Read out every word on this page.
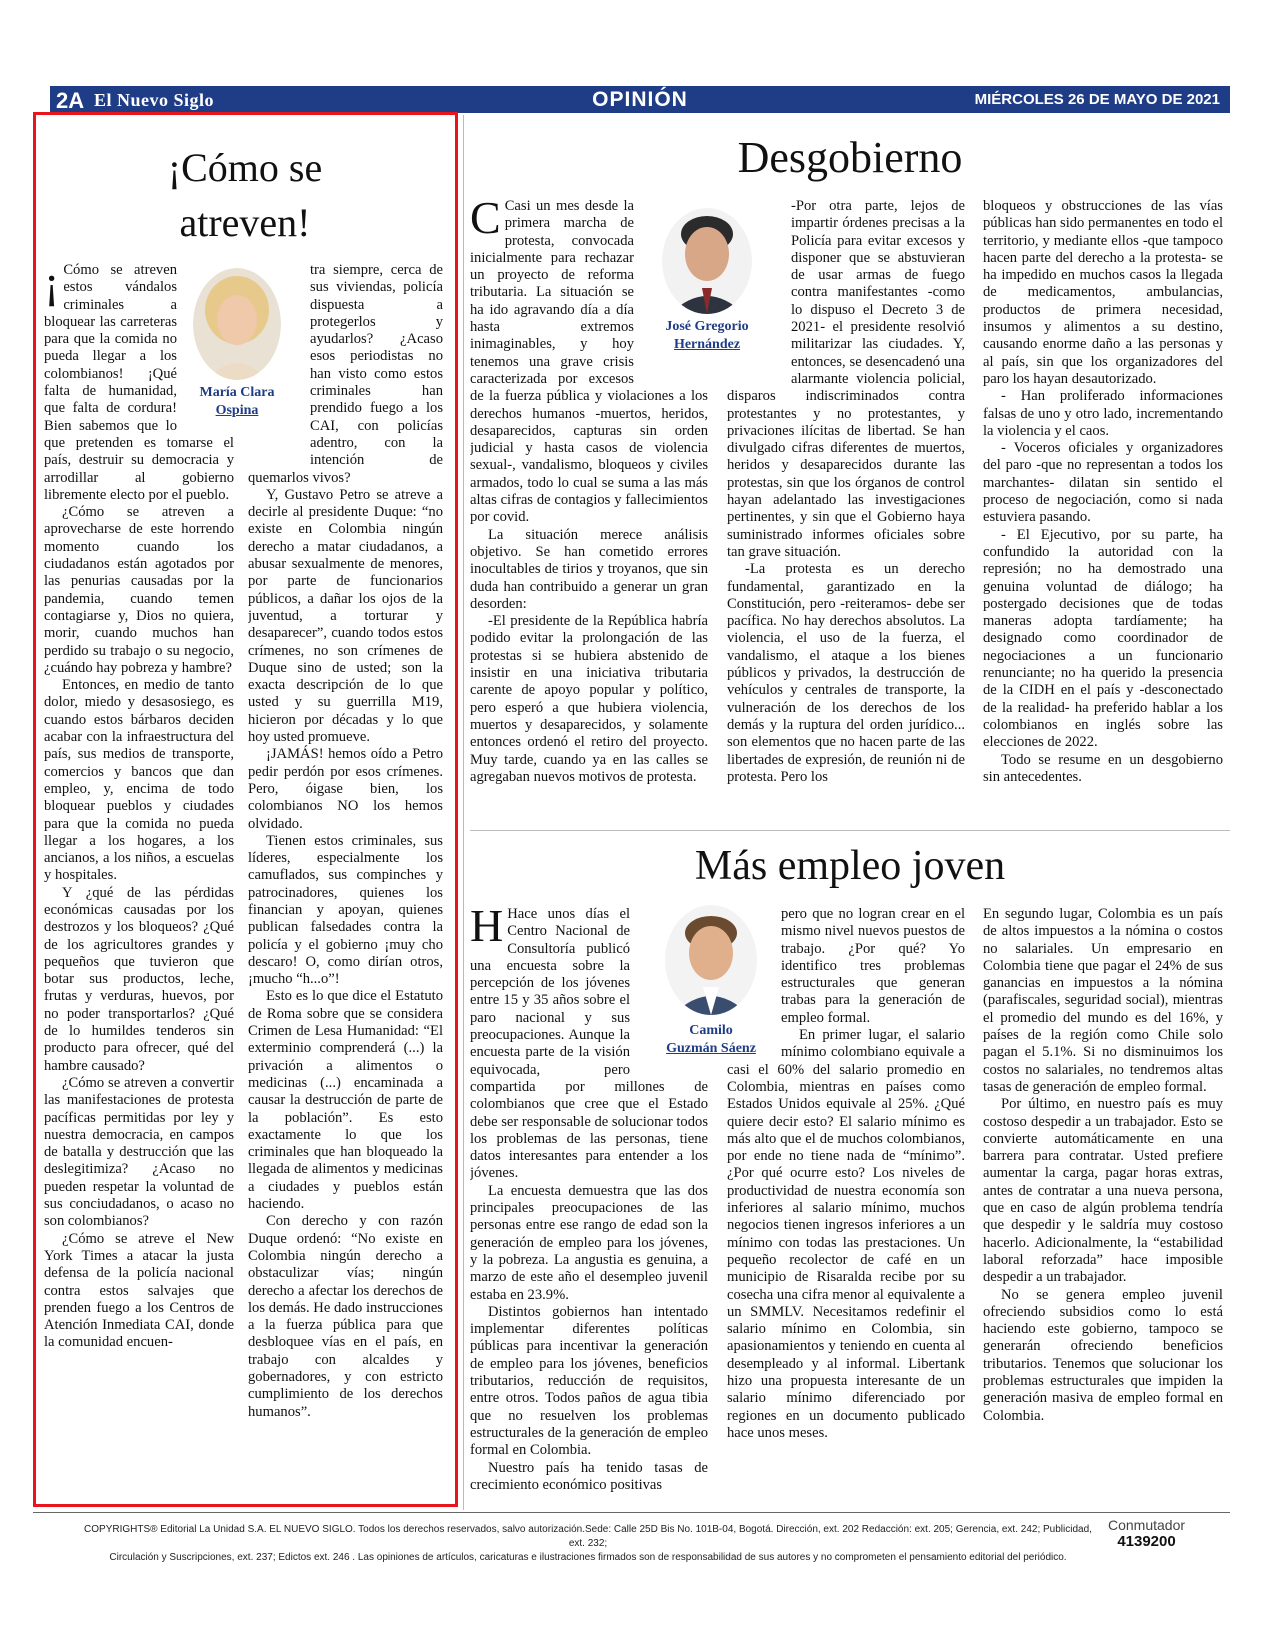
2A El Nuevo Siglo	OPINIÓN	MIÉRCOLES 26 DE MAYO DE 2021
¡Cómo se
atreven!
María Clara
Ospina
¡ Cómo se atreven estos vándalos criminales a bloquear las carreteras para que la comida no pueda llegar a los colombianos! ¡Qué falta de humanidad, que falta de cordura! Bien sabemos que lo que pretenden es tomarse el país, destruir su democracia y arrodillar al gobierno libremente electo por el pueblo.

¿Cómo se atreven a aprovecharse de este horrendo momento cuando los ciudadanos están agotados por las penurias causadas por la pandemia, cuando temen contagiarse y, Dios no quiera, morir, cuando muchos han perdido su trabajo o su negocio, ¿cuándo hay pobreza y hambre?

Entonces, en medio de tanto dolor, miedo y desasosiego, es cuando estos bárbaros deciden acabar con la infraestructura del país, sus medios de transporte, comercios y bancos que dan empleo, y, encima de todo bloquear pueblos y ciudades para que la comida no pueda llegar a los hogares, a los ancianos, a los niños, a escuelas y hospitales.

Y ¿qué de las pérdidas económicas causadas por los destrozos y los bloqueos? ¿Qué de los agricultores grandes y pequeños que tuvieron que botar sus productos, leche, frutas y verduras, huevos, por no poder transportarlos? ¿Qué de lo humildes tenderos sin producto para ofrecer, qué del hambre causado?

¿Cómo se atreven a convertir las manifestaciones de protesta pacíficas permitidas por ley y nuestra democracia, en campos de batalla y destrucción que las deslegitimiza? ¿Acaso no pueden respetar la voluntad de sus conciudadanos, o acaso no son colombianos?

¿Cómo se atreve el New York Times a atacar la justa defensa de la policía nacional contra estos salvajes que prenden fuego a los Centros de Atención Inmediata CAI, donde la comunidad encuen-

tra siempre, cerca de sus viviendas, policía dispuesta a protegerlos y ayudarlos? ¿Acaso esos periodistas no han visto como estos criminales han prendido fuego a los CAI, con policías adentro, con la intención de quemarlos vivos?

Y, Gustavo Petro se atreve a decirle al presidente Duque: “no existe en Colombia ningún derecho a matar ciudadanos, a abusar sexualmente de menores, por parte de funcionarios públicos, a dañar los ojos de la juventud, a torturar y desaparecer”, cuando todos estos crímenes, no son crímenes de Duque sino de usted; son la exacta descripción de lo que usted y su guerrilla M19, hicieron por décadas y lo que hoy usted promueve.

¡JAMÁS! hemos oído a Petro pedir perdón por esos crímenes. Pero, óigase bien, los colombianos NO los hemos olvidado.

Tienen estos criminales, sus líderes, especialmente los camuflados, sus compinches y patrocinadores, quienes los financian y apoyan, quienes publican falsedades contra la policía y el gobierno ¡muy cho descaro! O, como dirían otros, ¡mucho “h...o”!

Esto es lo que dice el Estatuto de Roma sobre que se considera Crimen de Lesa Humanidad: “El exterminio comprenderá (...) la privación a alimentos o medicinas (...) encaminada a causar la destrucción de parte de la población”. Es esto exactamente lo que los criminales que han bloqueado la llegada de alimentos y medicinas a ciudades y pueblos están haciendo.

Con derecho y con razón Duque ordenó: “No existe en Colombia ningún derecho a obstaculizar vías; ningún derecho a afectar los derechos de los demás. He dado instrucciones a la fuerza pública para que desbloquee vías en el país, en trabajo con alcaldes y gobernadores, y con estricto cumplimiento de los derechos humanos”.

Desgobierno
José Gregorio
Hernández
C Casi un mes desde la primera marcha de protesta, convocada inicialmente para rechazar un proyecto de reforma tributaria. La situación se ha ido agravando día a día hasta extremos inimaginables, y hoy tenemos una grave crisis caracterizada por excesos de la fuerza pública y violaciones a los derechos humanos -muertos, heridos, desaparecidos, capturas sin orden judicial y hasta casos de violencia sexual-, vandalismo, bloqueos y civiles armados, todo lo cual se suma a las más altas cifras de contagios y fallecimientos por covid.

La situación merece análisis objetivo. Se han cometido errores inocultables de tirios y troyanos, que sin duda han contribuido a generar un gran desorden:

-El presidente de la República habría podido evitar la prolongación de las protestas si se hubiera abstenido de insistir en una iniciativa tributaria carente de apoyo popular y político, pero esperó a que hubiera violencia, muertos y desaparecidos, y solamente entonces ordenó el retiro del proyecto. Muy tarde, cuando ya en las calles se agregaban nuevos motivos de protesta.

-Por otra parte, lejos de impartir órdenes precisas a la Policía para evitar excesos y disponer que se abstuvieran de usar armas de fuego contra manifestantes -como lo dispuso el Decreto 3 de 2021- el presidente resolvió militarizar las ciudades. Y, entonces, se desencadenó una alarmante violencia policial, disparos indiscriminados contra protestantes y no protestantes, y privaciones ilícitas de libertad. Se han divulgado cifras diferentes de muertos, heridos y desaparecidos durante las protestas, sin que los órganos de control hayan adelantado las investigaciones pertinentes, y sin que el Gobierno haya suministrado informes oficiales sobre tan grave situación.

-La protesta es un derecho fundamental, garantizado en la Constitución, pero -reiteramos- debe ser pacífica. No hay derechos absolutos. La violencia, el uso de la fuerza, el vandalismo, el ataque a los bienes públicos y privados, la destrucción de vehículos y centrales de transporte, la vulneración de los derechos de los demás y la ruptura del orden jurídico... son elementos que no hacen parte de las libertades de expresión, de reunión ni de protesta. Pero los

bloqueos y obstrucciones de las vías públicas han sido permanentes en todo el territorio, y mediante ellos -que tampoco hacen parte del derecho a la protesta- se ha impedido en muchos casos la llegada de medicamentos, ambulancias, productos de primera necesidad, insumos y alimentos a su destino, causando enorme daño a las personas y al país, sin que los organizadores del paro los hayan desautorizado.

- Han proliferado informaciones falsas de uno y otro lado, incrementando la violencia y el caos.

- Voceros oficiales y organizadores del paro -que no representan a todos los marchantes- dilatan sin sentido el proceso de negociación, como si nada estuviera pasando.

- El Ejecutivo, por su parte, ha confundido la autoridad con la represión; no ha demostrado una genuina voluntad de diálogo; ha postergado decisiones que de todas maneras adopta tardíamente; ha designado como coordinador de negociaciones a un funcionario renunciante; no ha querido la presencia de la CIDH en el país y -desconectado de la realidad- ha preferido hablar a los colombianos en inglés sobre las elecciones de 2022.

Todo se resume en un desgobierno sin antecedentes.

Más empleo joven
Camilo
Guzmán Sáenz
H Hace unos días el Centro Nacional de Consultoría publicó una encuesta sobre la percepción de los jóvenes entre 15 y 35 años sobre el paro nacional y sus preocupaciones. Aunque la encuesta parte de la visión equivocada, pero compartida por millones de colombianos que cree que el Estado debe ser responsable de solucionar todos los problemas de las personas, tiene datos interesantes para entender a los jóvenes.

La encuesta demuestra que las dos principales preocupaciones de las personas entre ese rango de edad son la generación de empleo para los jóvenes, y la pobreza. La angustia es genuina, a marzo de este año el desempleo juvenil estaba en 23.9%.

Distintos gobiernos han intentado implementar diferentes políticas públicas para incentivar la generación de empleo para los jóvenes, beneficios tributarios, reducción de requisitos, entre otros. Todos paños de agua tibia que no resuelven los problemas estructurales de la generación de empleo formal en Colombia.

Nuestro país ha tenido tasas de crecimiento económico positivas

pero que no logran crear en el mismo nivel nuevos puestos de trabajo. ¿Por qué? Yo identifico tres problemas estructurales que generan trabas para la generación de empleo formal.

En primer lugar, el salario mínimo colombiano equivale a casi el 60% del salario promedio en Colombia, mientras en países como Estados Unidos equivale al 25%. ¿Qué quiere decir esto? El salario mínimo es más alto que el de muchos colombianos, por ende no tiene nada de “mínimo”. ¿Por qué ocurre esto? Los niveles de productividad de nuestra economía son inferiores al salario mínimo, muchos negocios tienen ingresos inferiores a un mínimo con todas las prestaciones. Un pequeño recolector de café en un municipio de Risaralda recibe por su cosecha una cifra menor al equivalente a un SMMLV. Necesitamos redefinir el salario mínimo en Colombia, sin apasionamientos y teniendo en cuenta al desempleado y al informal. Libertank hizo una propuesta interesante de un salario mínimo diferenciado por regiones en un documento publicado hace unos meses.

En segundo lugar, Colombia es un país de altos impuestos a la nómina o costos no salariales. Un empresario en Colombia tiene que pagar el 24% de sus ganancias en impuestos a la nómina (parafiscales, seguridad social), mientras el promedio del mundo es del 16%, y países de la región como Chile solo pagan el 5.1%. Si no disminuimos los costos no salariales, no tendremos altas tasas de generación de empleo formal.

Por último, en nuestro país es muy costoso despedir a un trabajador. Esto se convierte automáticamente en una barrera para contratar. Usted prefiere aumentar la carga, pagar horas extras, antes de contratar a una nueva persona, que en caso de algún problema tendría que despedir y le saldría muy costoso hacerlo. Adicionalmente, la “estabilidad laboral reforzada” hace imposible despedir a un trabajador.

No se genera empleo juvenil ofreciendo subsidios como lo está haciendo este gobierno, tampoco se generarán ofreciendo beneficios tributarios. Tenemos que solucionar los problemas estructurales que impiden la generación masiva de empleo formal en Colombia.

COPYRIGHTS® Editorial La Unidad S.A. EL NUEVO SIGLO. Todos los derechos reservados, salvo autorización.Sede: Calle 25D Bis No. 101B-04, Bogotá. Dirección, ext. 202 Redacción: ext. 205; Gerencia, ext. 242; Publicidad, ext. 232;
Circulación y Suscripciones, ext. 237; Edictos ext. 246 . Las opiniones de artículos, caricaturas e ilustraciones firmados son de responsabilidad de sus autores y no comprometen el pensamiento editorial del periódico.
Conmutador
4139200
